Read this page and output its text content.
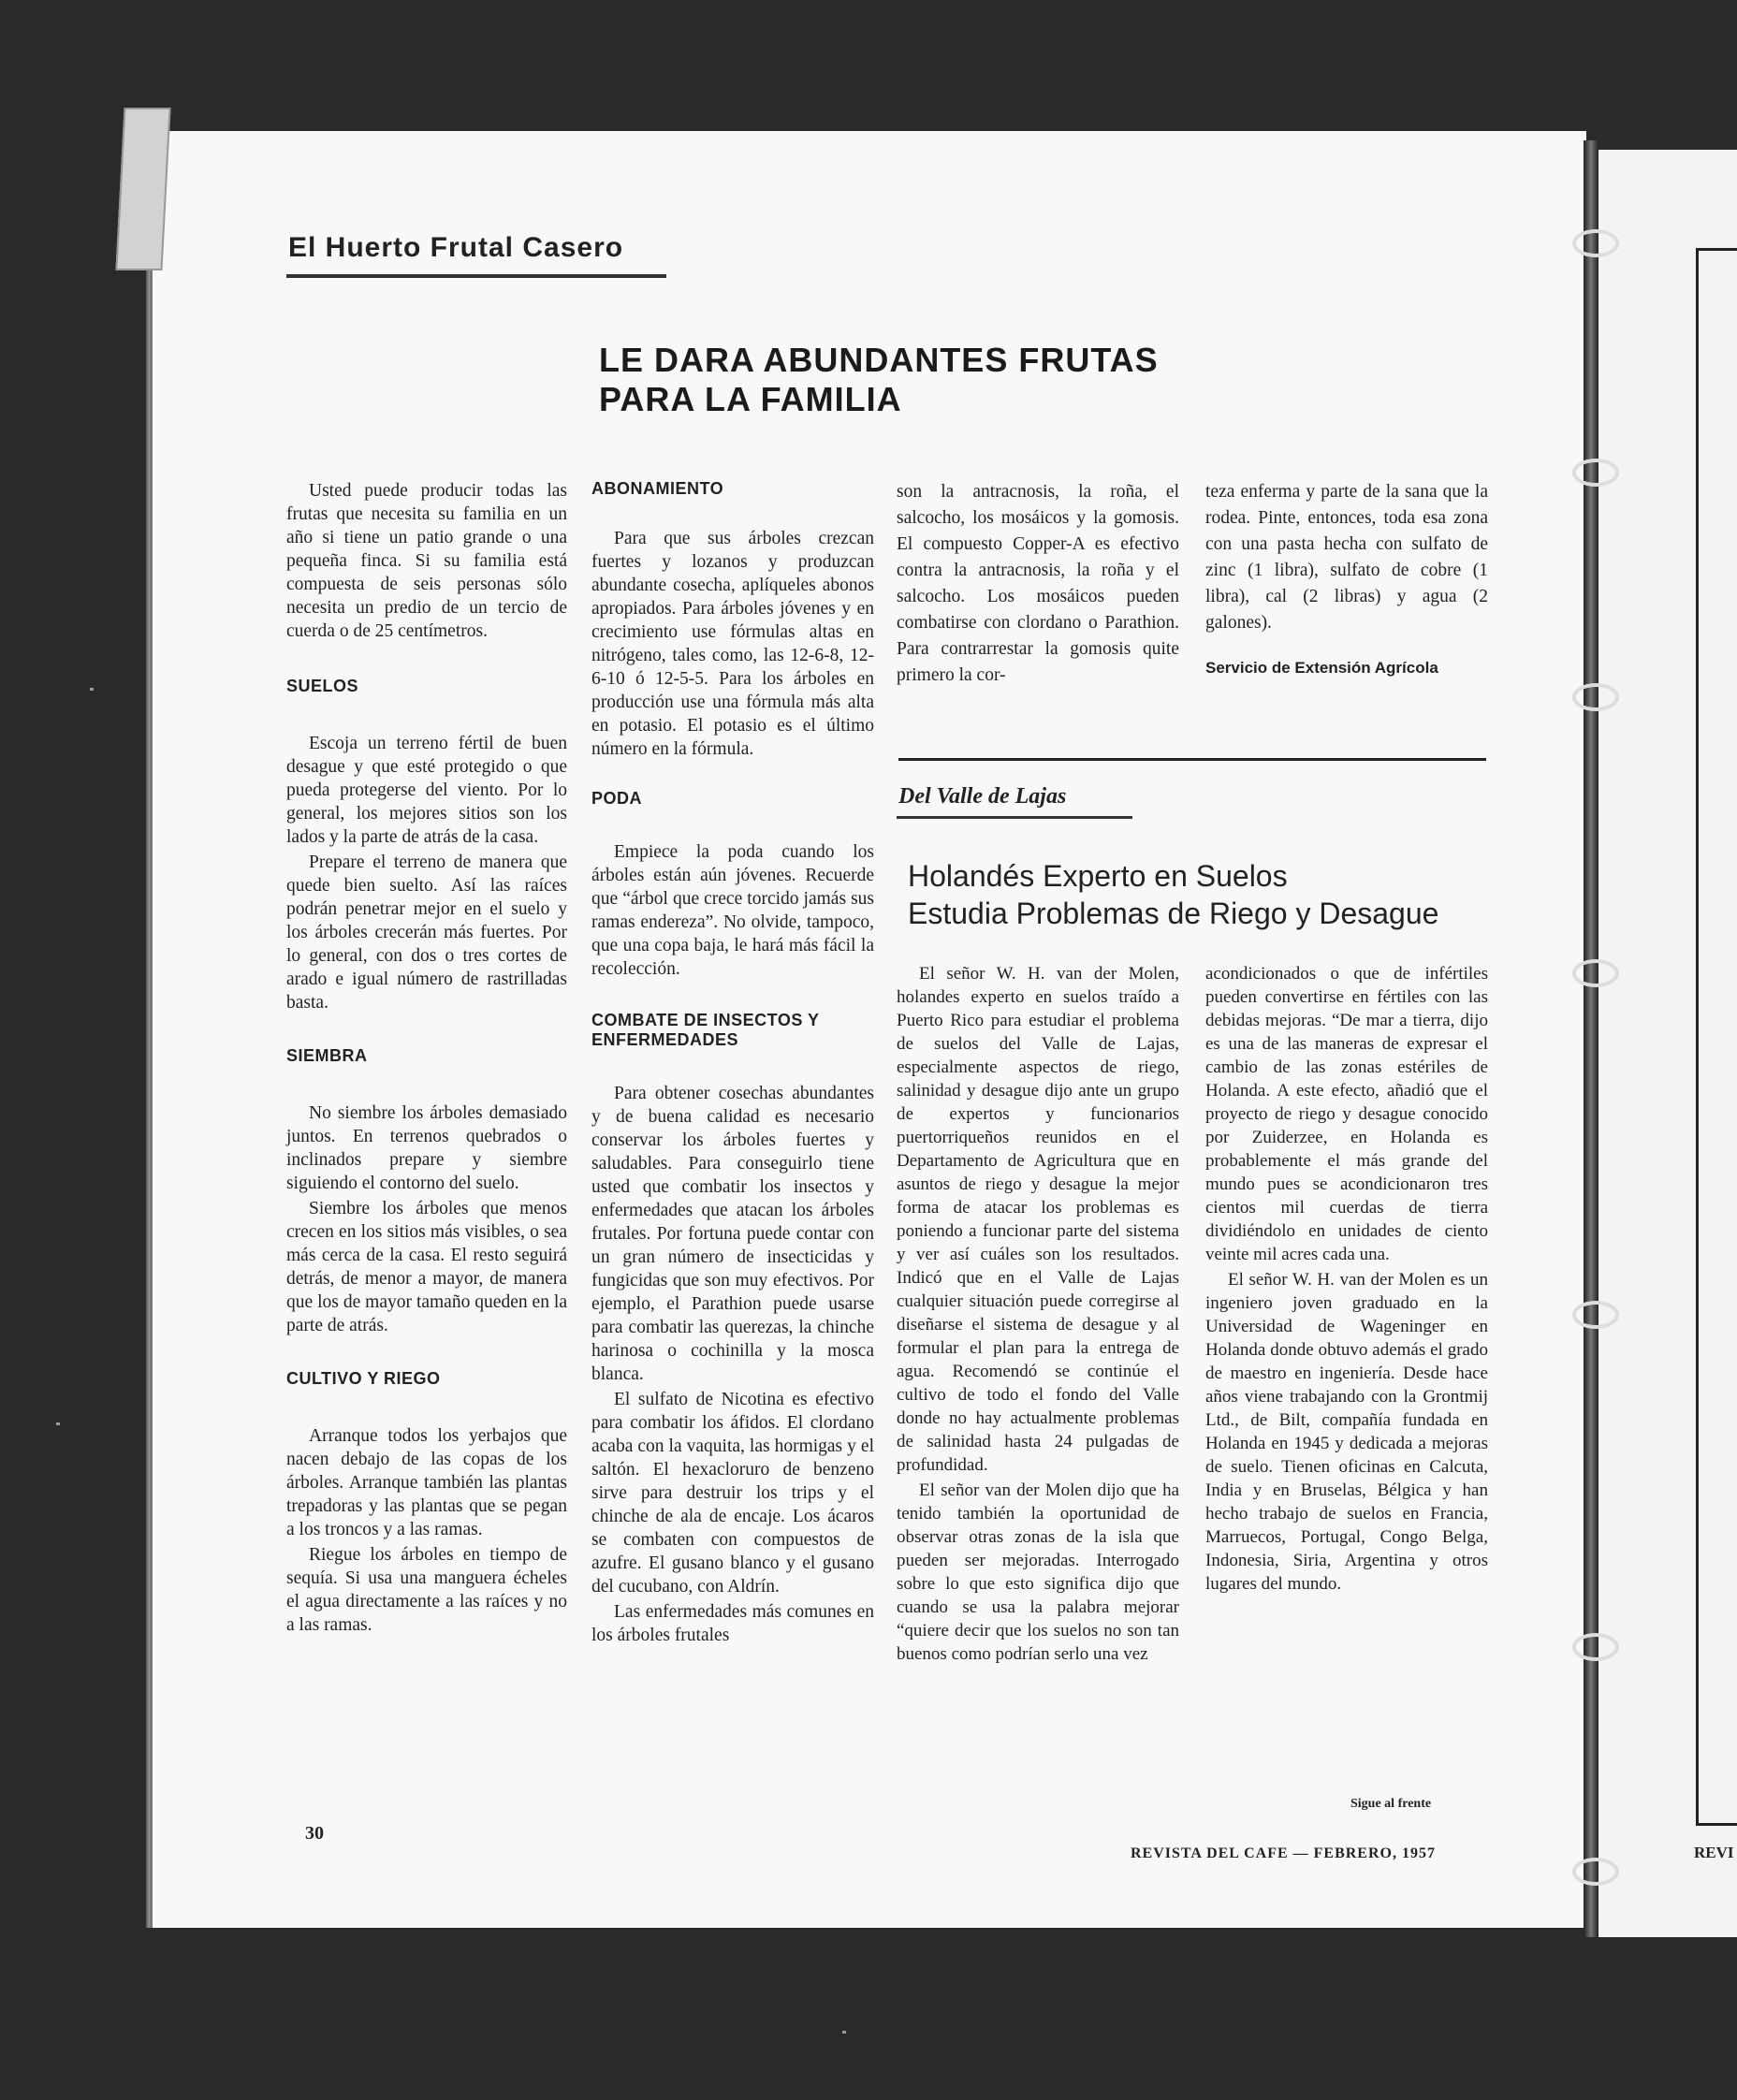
REVI
El Huerto Frutal Casero
LE DARA ABUNDANTES FRUTAS
PARA LA FAMILIA

Usted puede producir todas las frutas que necesita su familia en un año si tiene un patio grande o una pequeña finca. Si su familia está compuesta de seis personas sólo necesita un predio de un tercio de cuerda o de 25 centímetros.

SUELOS

Escoja un terreno fértil de buen desague y que esté protegido o que pueda protegerse del viento. Por lo general, los mejores sitios son los lados y la parte de atrás de la casa.

Prepare el terreno de manera que quede bien suelto. Así las raíces podrán penetrar mejor en el suelo y los árboles crecerán más fuertes. Por lo general, con dos o tres cortes de arado e igual número de rastrilladas basta.

SIEMBRA

No siembre los árboles demasiado juntos. En terrenos quebrados o inclinados prepare y siembre siguiendo el contorno del suelo.

Siembre los árboles que menos crecen en los sitios más visibles, o sea más cerca de la casa. El resto seguirá detrás, de menor a mayor, de manera que los de mayor tamaño queden en la parte de atrás.

CULTIVO Y RIEGO

Arranque todos los yerbajos que nacen debajo de las copas de los árboles. Arranque también las plantas trepadoras y las plantas que se pegan a los troncos y a las ramas.

Riegue los árboles en tiempo de sequía. Si usa una manguera écheles el agua directamente a las raíces y no a las ramas.

ABONAMIENTO

Para que sus árboles crezcan fuertes y lozanos y produzcan abundante cosecha, aplíqueles abonos apropiados. Para árboles jóvenes y en crecimiento use fórmulas altas en nitrógeno, tales como, las 12-6-8, 12-6-10 ó 12-5-5. Para los árboles en producción use una fórmula más alta en potasio. El potasio es el último número en la fórmula.

PODA

Empiece la poda cuando los árboles están aún jóvenes. Recuerde que “árbol que crece torcido jamás sus ramas endereza”. No olvide, tampoco, que una copa baja, le hará más fácil la recolección.

COMBATE DE INSECTOS Y ENFERMEDADES

Para obtener cosechas abundantes y de buena calidad es necesario conservar los árboles fuertes y saludables. Para conseguirlo tiene usted que combatir los insectos y enfermedades que atacan los árboles frutales. Por fortuna puede contar con un gran número de insecticidas y fungicidas que son muy efectivos. Por ejemplo, el Parathion puede usarse para combatir las querezas, la chinche harinosa o cochinilla y la mosca blanca.

El sulfato de Nicotina es efectivo para combatir los áfidos. El clordano acaba con la vaquita, las hormigas y el saltón. El hexacloruro de benzeno sirve para destruir los trips y el chinche de ala de encaje. Los ácaros se combaten con compuestos de azufre. El gusano blanco y el gusano del cucubano, con Aldrín.

Las enfermedades más comunes en los árboles frutales

son la antracnosis, la roña, el salcocho, los mosáicos y la gomosis. El compuesto Copper-A es efectivo contra la antracnosis, la roña y el salcocho. Los mosáicos pueden combatirse con clordano o Parathion. Para contrarrestar la gomosis quite primero la cor-

teza enferma y parte de la sana que la rodea. Pinte, entonces, toda esa zona con una pasta hecha con sulfato de zinc (1 libra), sulfato de cobre (1 libra), cal (2 libras) y agua (2 galones).

Servicio de Extensión Agrícola

Del Valle de Lajas
Holandés Experto en Suelos
Estudia Problemas de Riego y Desague

El señor W. H. van der Molen, holandes experto en suelos traído a Puerto Rico para estudiar el problema de suelos del Valle de Lajas, especialmente aspectos de riego, salinidad y desague dijo ante un grupo de expertos y funcionarios puertorriqueños reunidos en el Departamento de Agricultura que en asuntos de riego y desague la mejor forma de atacar los problemas es poniendo a funcionar parte del sistema y ver así cuáles son los resultados. Indicó que en el Valle de Lajas cualquier situación puede corregirse al diseñarse el sistema de desague y al formular el plan para la entrega de agua. Recomendó se continúe el cultivo de todo el fondo del Valle donde no hay actualmente problemas de salinidad hasta 24 pulgadas de profundidad.

El señor van der Molen dijo que ha tenido también la oportunidad de observar otras zonas de la isla que pueden ser mejoradas. Interrogado sobre lo que esto significa dijo que cuando se usa la palabra mejorar “quiere decir que los suelos no son tan buenos como podrían serlo una vez

acondicionados o que de infértiles pueden convertirse en fértiles con las debidas mejoras. “De mar a tierra, dijo es una de las maneras de expresar el cambio de las zonas estériles de Holanda. A este efecto, añadió que el proyecto de riego y desague conocido por Zuiderzee, en Holanda es probablemente el más grande del mundo pues se acondicionaron tres cientos mil cuerdas de tierra dividiéndolo en unidades de ciento veinte mil acres cada una.

El señor W. H. van der Molen es un ingeniero joven graduado en la Universidad de Wageninger en Holanda donde obtuvo además el grado de maestro en ingeniería. Desde hace años viene trabajando con la Grontmij Ltd., de Bilt, compañía fundada en Holanda en 1945 y dedicada a mejoras de suelo. Tienen oficinas en Calcuta, India y en Bruselas, Bélgica y han hecho trabajo de suelos en Francia, Marruecos, Portugal, Congo Belga, Indonesia, Siria, Argentina y otros lugares del mundo.

Sigue al frente
30
REVISTA DEL CAFE — FEBRERO, 1957
